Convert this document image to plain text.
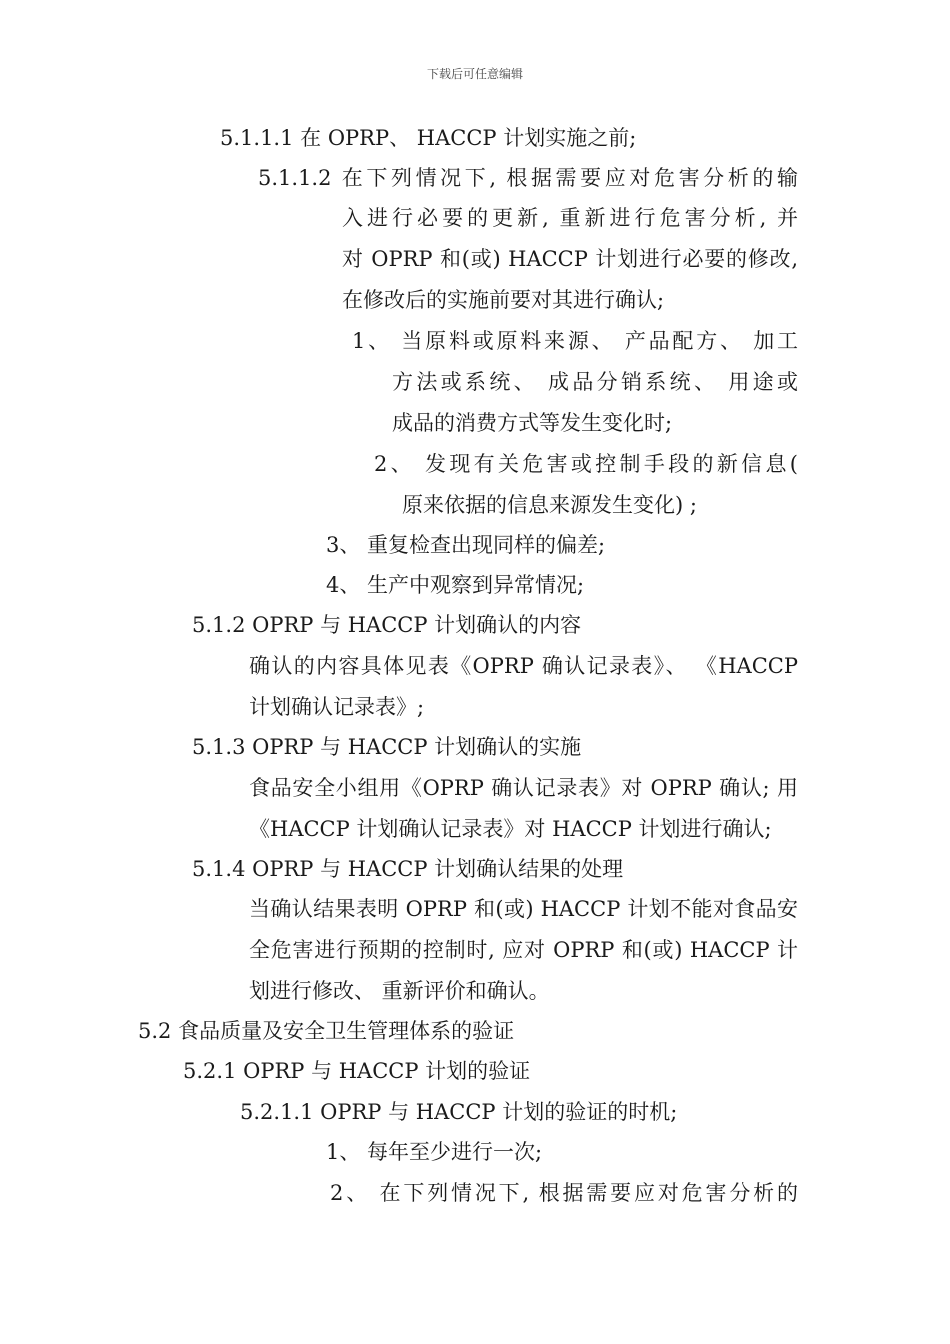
下载后可任意编辑
5.1.1.1 在 OPRP、 HACCP 计划实施之前;
5.1.1.2 在下列情况下, 根据需要应对危害分析的输
入进行必要的更新, 重新进行危害分析, 并
对 OPRP 和(或) HACCP 计划进行必要的修改,
在修改后的实施前要对其进行确认;
1、 当原料或原料来源、 产品配方、 加工
方法或系统、 成品分销系统、 用途或
成品的消费方式等发生变化时;
2、 发现有关危害或控制手段的新信息(
原来依据的信息来源发生变化) ;
3、 重复检查出现同样的偏差;
4、 生产中观察到异常情况;
5.1.2 OPRP 与 HACCP 计划确认的内容
确认的内容具体见表《OPRP 确认记录表》、 《HACCP
计划确认记录表》;
5.1.3 OPRP 与 HACCP 计划确认的实施
食品安全小组用《OPRP 确认记录表》对 OPRP 确认; 用
《HACCP 计划确认记录表》对 HACCP 计划进行确认;
5.1.4 OPRP 与 HACCP 计划确认结果的处理
当确认结果表明 OPRP 和(或) HACCP 计划不能对食品安
全危害进行预期的控制时, 应对 OPRP 和(或) HACCP 计
划进行修改、 重新评价和确认。
5.2 食品质量及安全卫生管理体系的验证
5.2.1 OPRP 与 HACCP 计划的验证
5.2.1.1 OPRP 与 HACCP 计划的验证的时机;
1、 每年至少进行一次;
2、 在下列情况下, 根据需要应对危害分析的
